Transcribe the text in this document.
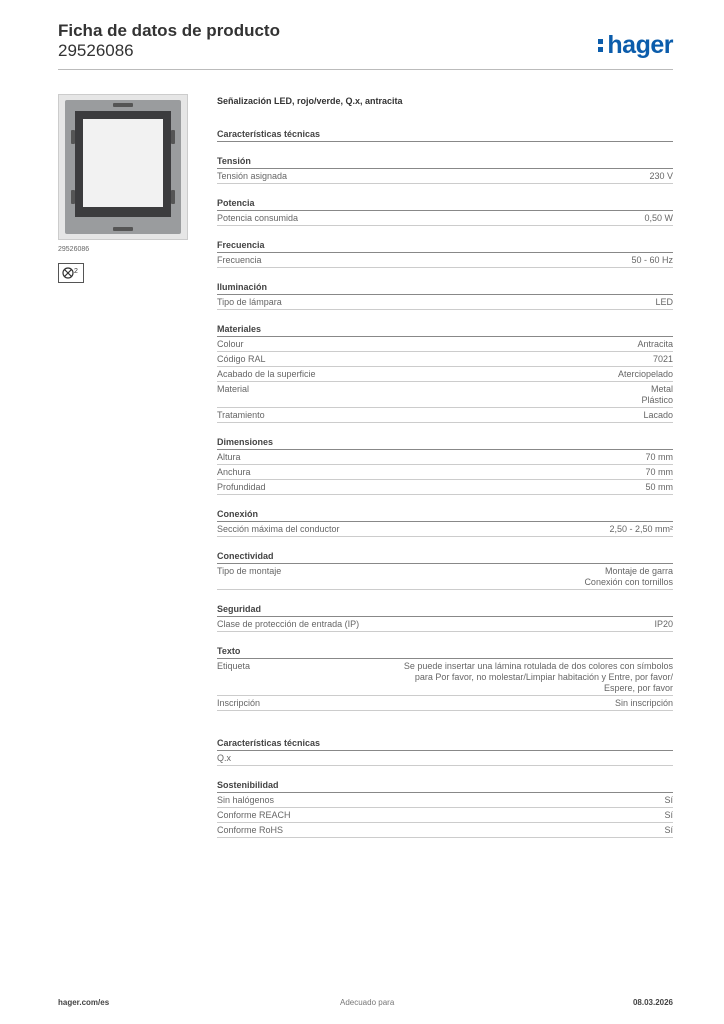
Ficha de datos de producto
29526086	hager
29526086
2
Señalización LED, rojo/verde, Q.x, antracita
Características técnicas
Tensión
Tensión asignada	230 V
Potencia
Potencia consumida	0,50 W
Frecuencia
Frecuencia	50 - 60 Hz
Iluminación
Tipo de lámpara	LED
Materiales
Colour	Antracita
Código RAL	7021
Acabado de la superficie	Aterciopelado
Material	Metal
Plástico
Tratamiento	Lacado
Dimensiones
Altura	70 mm
Anchura	70 mm
Profundidad	50 mm
Conexión
Sección máxima del conductor	2,50 - 2,50 mm²
Conectividad
Tipo de montaje	Montaje de garra
Conexión con tornillos
Seguridad
Clase de protección de entrada (IP)	IP20
Texto
Etiqueta	Se puede insertar una lámina rotulada de dos colores con símbolos
para Por favor, no molestar/Limpiar habitación y Entre, por favor/
Espere, por favor
Inscripción	Sin inscripción
Características técnicas
Q.x
Sostenibilidad
Sin halógenos	Sí
Conforme REACH	Sí
Conforme RoHS	Sí
hager.com/es	Adecuado para	08.03.2026
